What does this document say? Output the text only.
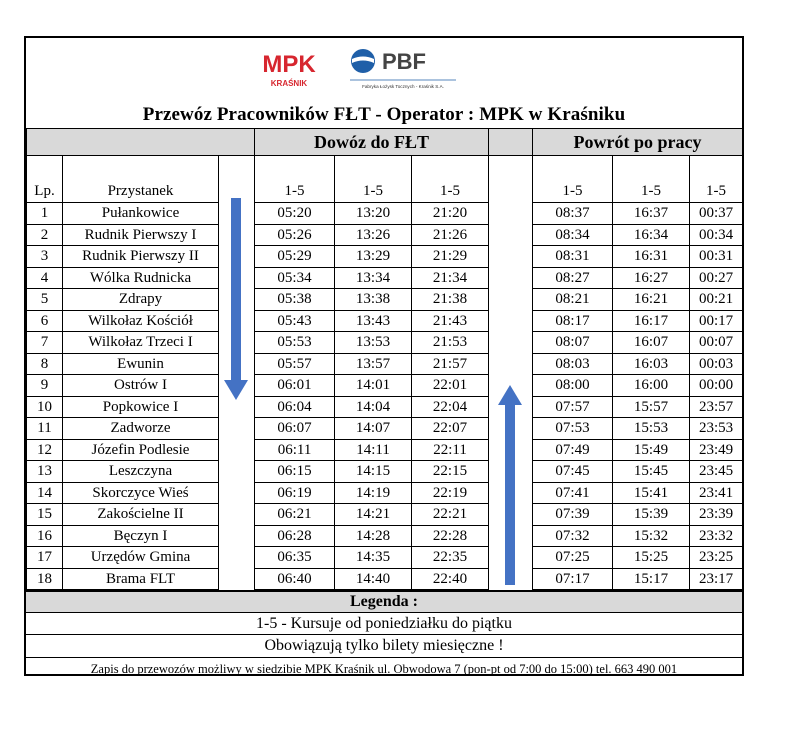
MPK
KRAŚNIK
PBF
Fabryka Łożysk Tocznych - Kraśnik S.A.
Przewóz Pracowników FŁT - Operator : MPK w Kraśniku
			Dowóz do FŁT				Powrót po pracy		
Lp.	Przystanek		1-5	1-5	1-5		1-5	1-5	1-5
1	Pułankowice		05:20	13:20	21:20		08:37	16:37	00:37
2	Rudnik Pierwszy I		05:26	13:26	21:26		08:34	16:34	00:34
3	Rudnik Pierwszy II		05:29	13:29	21:29		08:31	16:31	00:31
4	Wólka Rudnicka		05:34	13:34	21:34		08:27	16:27	00:27
5	Zdrapy		05:38	13:38	21:38		08:21	16:21	00:21
6	Wilkołaz Kościół		05:43	13:43	21:43		08:17	16:17	00:17
7	Wilkołaz Trzeci I		05:53	13:53	21:53		08:07	16:07	00:07
8	Ewunin		05:57	13:57	21:57		08:03	16:03	00:03
9	Ostrów I		06:01	14:01	22:01		08:00	16:00	00:00
10	Popkowice I		06:04	14:04	22:04		07:57	15:57	23:57
11	Zadworze		06:07	14:07	22:07		07:53	15:53	23:53
12	Józefin Podlesie		06:11	14:11	22:11		07:49	15:49	23:49
13	Leszczyna		06:15	14:15	22:15		07:45	15:45	23:45
14	Skorczyce Wieś		06:19	14:19	22:19		07:41	15:41	23:41
15	Zakościelne II		06:21	14:21	22:21		07:39	15:39	23:39
16	Bęczyn I		06:28	14:28	22:28		07:32	15:32	23:32
17	Urzędów Gmina		06:35	14:35	22:35		07:25	15:25	23:25
18	Brama FLT		06:40	14:40	22:40		07:17	15:17	23:17
Legenda :
1-5 - Kursuje od poniedziałku do piątku
Obowiązują tylko bilety miesięczne !
Zapis do przewozów możliwy w siedzibie MPK Kraśnik ul. Obwodowa 7 (pon-pt od 7:00 do 15:00) tel. 663 490 001
